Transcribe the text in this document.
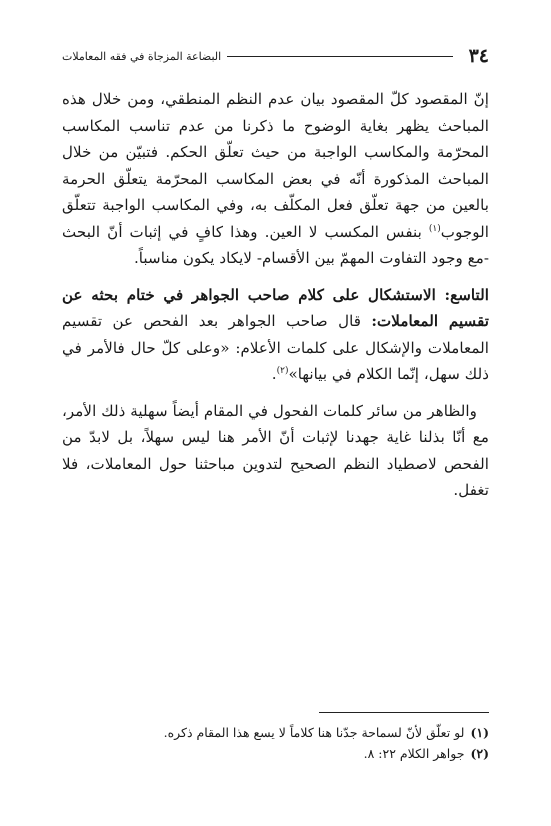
٣٤
البضاعة المزجاة في فقه المعاملات

إنّ المقصود كلّ المقصود بيان عدم النظم المنطقي، ومن خلال هذه المباحث يظهر بغاية الوضوح ما ذكرنا من عدم تناسب المكاسب المحرّمة والمكاسب الواجبة من حيث تعلّق الحكم. فتبيّن من خلال المباحث المذكورة أنّه في بعض المكاسب المحرّمة يتعلّق الحرمة بالعين من جهة تعلّق فعل المكلّف به، وفي المكاسب الواجبة تتعلّق الوجوب$^{(١)}$ بنفس المكسب لا العين. وهذا كافٍ في إثبات أنّ البحث -مع وجود التفاوت المهمّ بين الأقسام- لايكاد يكون مناسباً.

التاسع: الاستشكال على كلام صاحب الجواهر في ختام بحثه عن تقسيم المعاملات: قال صاحب الجواهر بعد الفحص عن تقسيم المعاملات والإشكال على كلمات الأعلام: «وعلى كلّ حال فالأمر في ذلك سهل، إنّما الكلام في بيانها»$^{(٢)}$.

والظاهر من سائر كلمات الفحول في المقام أيضاً سهلية ذلك الأمر، مع أنّا بذلنا غاية جهدنا لإثبات أنّ الأمر هنا ليس سهلاً، بل لابدّ من الفحص لاصطياد النظم الصحيح لتدوين مباحثنا حول المعاملات، فلا تغفل.

(١)
لو تعلّق لأنّ لسماحة جدّنا هنا كلاماً لا يسع هذا المقام ذكره.
(٢)
جواهر الكلام ٢٢: ٨.
